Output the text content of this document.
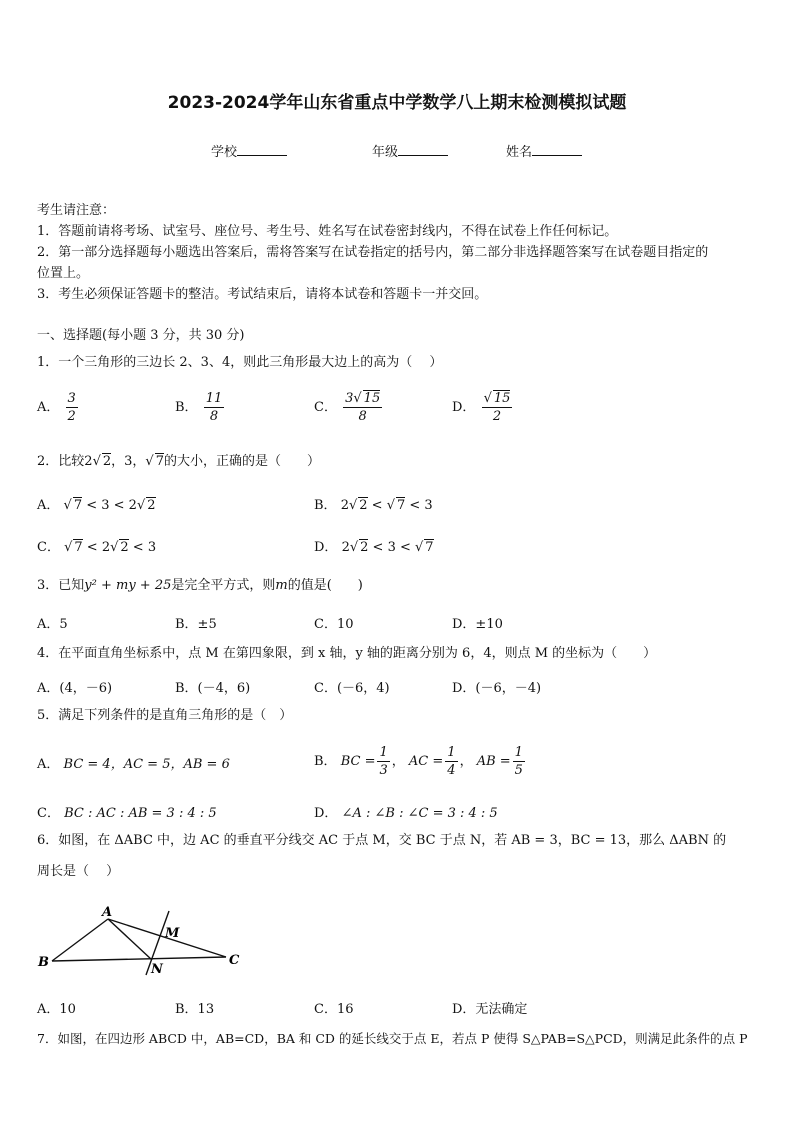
2023-2024学年山东省重点中学数学八上期末检测模拟试题
学校	年级	姓名
考生请注意：
1．答题前请将考场、试室号、座位号、考生号、姓名写在试卷密封线内，不得在试卷上作任何标记。
2．第一部分选择题每小题选出答案后，需将答案写在试卷指定的括号内，第二部分非选择题答案写在试卷题目指定的
位置上。
3．考生必须保证答题卡的整洁。考试结束后，请将本试卷和答题卡一并交回。
一、选择题(每小题 3 分，共 30 分)
1．一个三角形的三边长 2、3、4，则此三角形最大边上的高为（　 ）
A． $\frac{3}{2}$	B． $\frac{11}{8}$	C． $\frac{3√ 15}{8}$	D． $\frac{√ 15}{2}$
2．比较2√ 2，3，√ 7的大小，正确的是（　　）
A． √ 7 < 3 < 2√ 2	B． 2√ 2 < √ 7 < 3
C． √ 7 < 2√ 2 < 3	D． 2√ 2 < 3 < √ 7
3．已知y² + my + 25是完全平方式，则m的值是(　　)
A．5	B．±5	C．10	D．±10
4．在平面直角坐标系中，点 M 在第四象限，到 x 轴，y 轴的距离分别为 6，4，则点 M 的坐标为（　　）
A．(4，－6)	B．(－4，6)	C．(－6，4)	D．(－6，－4)
5．满足下列条件的是直角三角形的是（　）
A． BC = 4，AC = 5，AB = 6	B． BC = $\frac{1}{3}$ ， AC = $\frac{1}{4}$ ， AB = $\frac{1}{5}$
C． BC : AC : AB = 3 : 4 : 5	D． ∠A : ∠B : ∠C = 3 : 4 : 5
6．如图，在 ΔABC 中，边 AC 的垂直平分线交 AC 于点 M，交 BC 于点 N，若 AB = 3，BC = 13，那么 ΔABN 的
周长是（　 ）
A
B	C
M
N
A．10	B．13	C．16	D．无法确定
7．如图，在四边形 ABCD 中，AB=CD，BA 和 CD 的延长线交于点 E，若点 P 使得 S△PAB=S△PCD，则满足此条件的点 P
